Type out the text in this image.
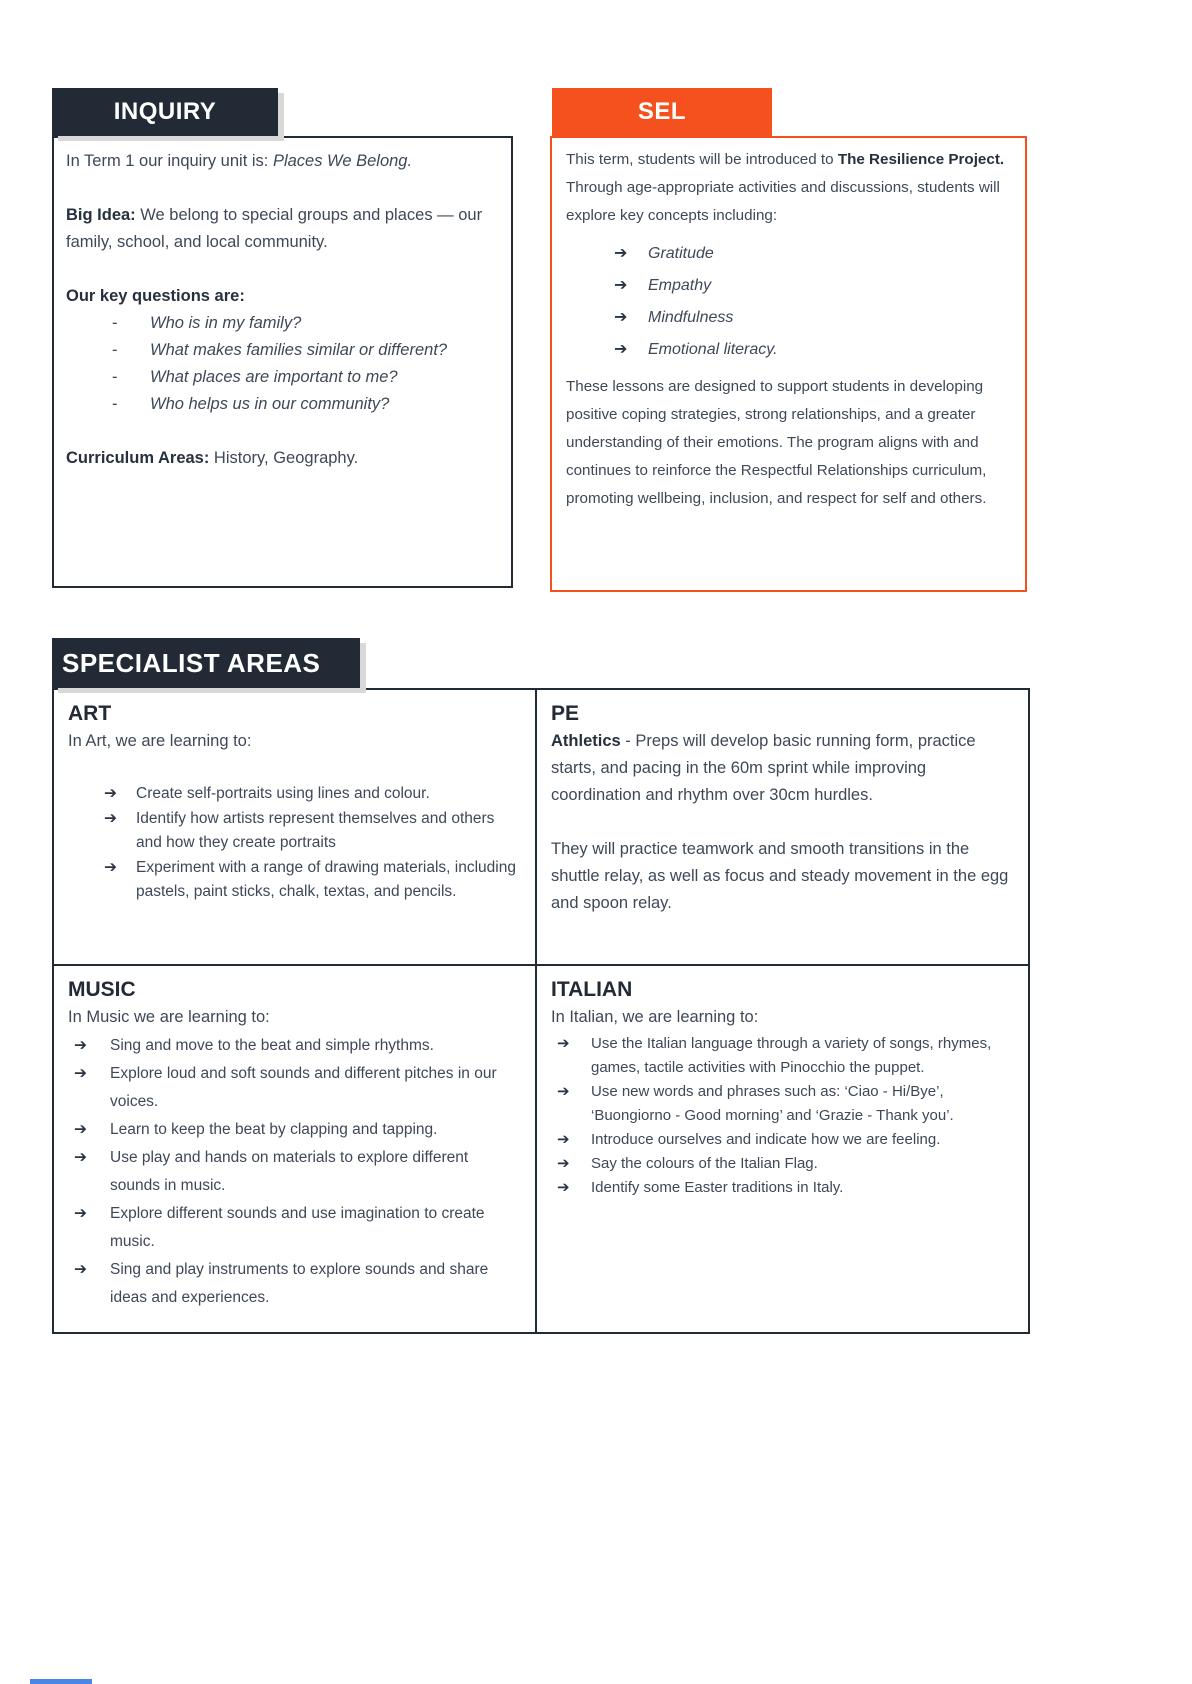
INQUIRY

In Term 1 our inquiry unit is: Places We Belong.

Big Idea: We belong to special groups and places — our family, school, and local community.

Our key questions are:

-	Who is in my family?
-	What makes families similar or different?
-	What places are important to me?
-	Who helps us in our community?

Curriculum Areas: History, Geography.

SEL

This term, students will be introduced to The Resilience Project. Through age-appropriate activities and discussions, students will explore key concepts including:

➔	Gratitude
➔	Empathy
➔	Mindfulness
➔	Emotional literacy.

These lessons are designed to support students in developing positive coping strategies, strong relationships, and a greater understanding of their emotions. The program aligns with and continues to reinforce the Respectful Relationships curriculum, promoting wellbeing, inclusion, and respect for self and others.

SPECIALIST AREAS
ART
In Art, we are learning to:
➔	Create self-portraits using lines and colour.
➔	Identify how artists represent themselves and others and how they create portraits
➔	Experiment with a range of drawing materials, including pastels, paint sticks, chalk, textas, and pencils.
PE

Athletics - Preps will develop basic running form, practice starts, and pacing in the 60m sprint while improving coordination and rhythm over 30cm hurdles.

They will practice teamwork and smooth transitions in the shuttle relay, as well as focus and steady movement in the egg and spoon relay.

MUSIC
In Music we are learning to:
➔	Sing and move to the beat and simple rhythms.
➔	Explore loud and soft sounds and different pitches in our voices.
➔	Learn to keep the beat by clapping and tapping.
➔	Use play and hands on materials to explore different sounds in music.
➔	Explore different sounds and use imagination to create music.
➔	Sing and play instruments to explore sounds and share ideas and experiences.
ITALIAN
In Italian, we are learning to:
➔	Use the Italian language through a variety of songs, rhymes, games, tactile activities with Pinocchio the puppet.
➔	Use new words and phrases such as: ‘Ciao - Hi/Bye’, ‘Buongiorno - Good morning’ and ‘Grazie - Thank you’.
➔	Introduce ourselves and indicate how we are feeling.
➔	Say the colours of the Italian Flag.
➔	Identify some Easter traditions in Italy.
